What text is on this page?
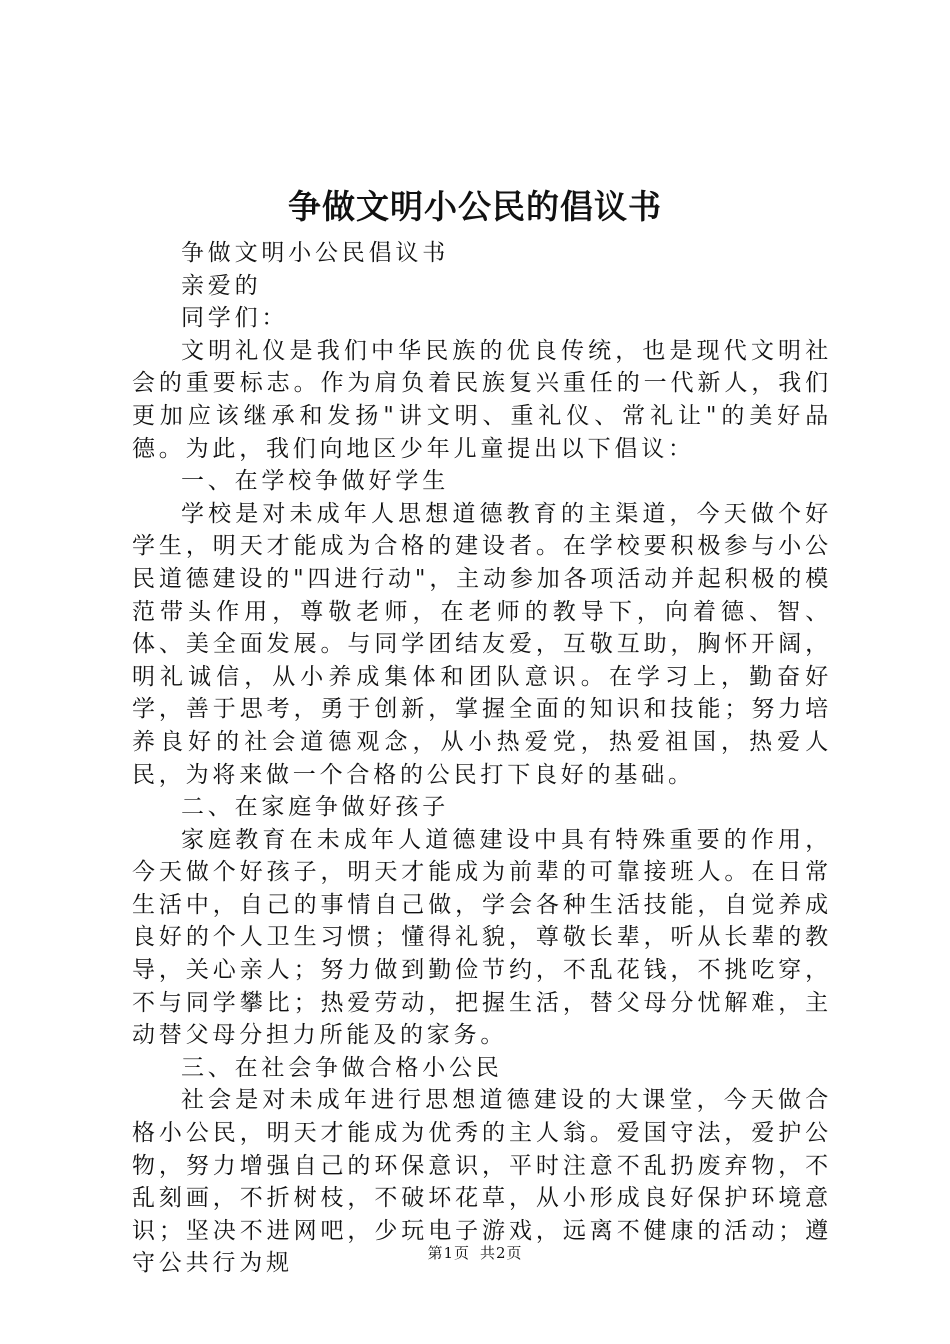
争做文明小公民的倡议书

争做文明小公民倡议书

亲爱的

同学们：

文明礼仪是我们中华民族的优良传统，也是现代文明社会的重要标志。作为肩负着民族复兴重任的一代新人，我们更加应该继承和发扬"讲文明、重礼仪、常礼让"的美好品德。为此，我们向地区少年儿童提出以下倡议：

一、在学校争做好学生

学校是对未成年人思想道德教育的主渠道，今天做个好学生，明天才能成为合格的建设者。在学校要积极参与小公民道德建设的"四进行动"，主动参加各项活动并起积极的模范带头作用，尊敬老师，在老师的教导下，向着德、智、体、美全面发展。与同学团结友爱，互敬互助，胸怀开阔，明礼诚信，从小养成集体和团队意识。在学习上，勤奋好学，善于思考，勇于创新，掌握全面的知识和技能；努力培养良好的社会道德观念，从小热爱党，热爱祖国，热爱人民，为将来做一个合格的公民打下良好的基础。

二、在家庭争做好孩子

家庭教育在未成年人道德建设中具有特殊重要的作用，今天做个好孩子，明天才能成为前辈的可靠接班人。在日常生活中，自己的事情自己做，学会各种生活技能，自觉养成良好的个人卫生习惯；懂得礼貌，尊敬长辈，听从长辈的教导，关心亲人；努力做到勤俭节约，不乱花钱，不挑吃穿，不与同学攀比；热爱劳动，把握生活，替父母分忧解难，主动替父母分担力所能及的家务。

三、在社会争做合格小公民

社会是对未成年进行思想道德建设的大课堂，今天做合格小公民，明天才能成为优秀的主人翁。爱国守法，爱护公物，努力增强自己的环保意识，平时注意不乱扔废弃物，不乱刻画，不折树枝，不破坏花草，从小形成良好保护环境意识；坚决不进网吧，少玩电子游戏，远离不健康的活动；遵守公共行为规	第1页 共2页
